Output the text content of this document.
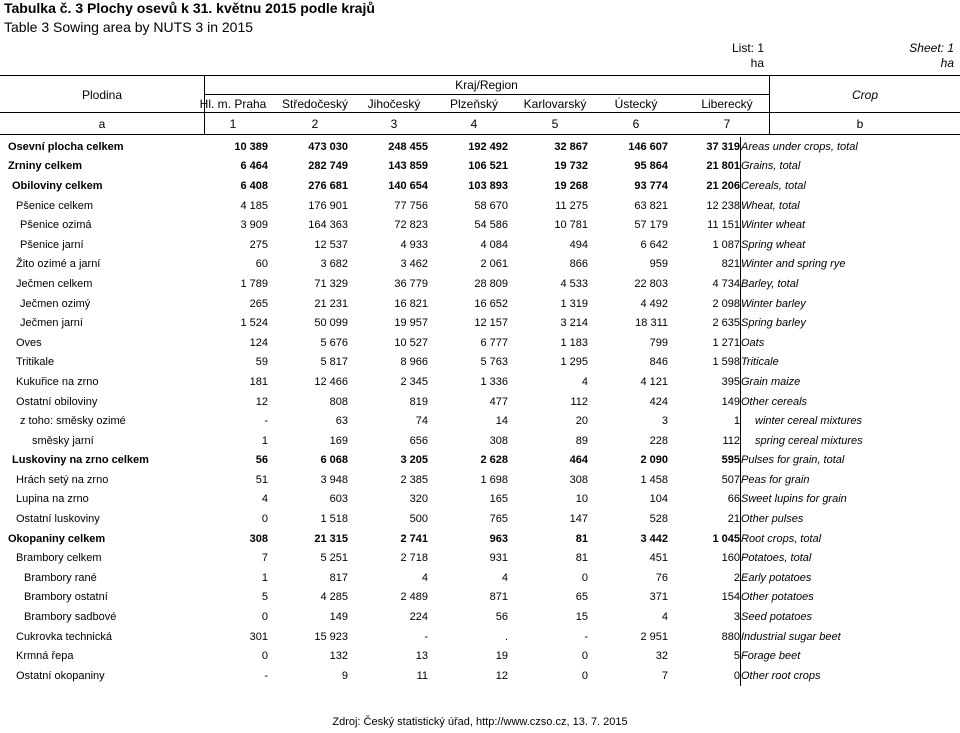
Tabulka č. 3 Plochy osevů k 31. květnu 2015 podle krajů
Table 3 Sowing area by NUTS 3 in 2015
List: 1	Sheet: 1
ha	ha
Plodina
Kraj/Region
Crop
Hl. m. Praha	Středočeský	Jihočeský	Plzeňský	Karlovarský	Ústecký	Liberecký
a	1	2	3	4	5	6	7	b
Osevní plocha celkem	10 389	473 030	248 455	192 492	32 867	146 607	37 319	Areas under crops, total
Zrniny celkem	6 464	282 749	143 859	106 521	19 732	95 864	21 801	Grains, total
Obiloviny celkem	6 408	276 681	140 654	103 893	19 268	93 774	21 206	Cereals, total
Pšenice celkem	4 185	176 901	77 756	58 670	11 275	63 821	12 238	Wheat, total
Pšenice ozimá	3 909	164 363	72 823	54 586	10 781	57 179	11 151	Winter wheat
Pšenice jarní	275	12 537	4 933	4 084	494	6 642	1 087	Spring wheat
Žito ozimé a jarní	60	3 682	3 462	2 061	866	959	821	Winter and spring rye
Ječmen celkem	1 789	71 329	36 779	28 809	4 533	22 803	4 734	Barley, total
Ječmen ozimý	265	21 231	16 821	16 652	1 319	4 492	2 098	Winter barley
Ječmen jarní	1 524	50 099	19 957	12 157	3 214	18 311	2 635	Spring barley
Oves	124	5 676	10 527	6 777	1 183	799	1 271	Oats
Tritikale	59	5 817	8 966	5 763	1 295	846	1 598	Triticale
Kukuřice na zrno	181	12 466	2 345	1 336	4	4 121	395	Grain maize
Ostatní obiloviny	12	808	819	477	112	424	149	Other cereals
z toho: směsky ozimé	-	63	74	14	20	3	1	winter cereal mixtures
směsky jarní	1	169	656	308	89	228	112	spring cereal mixtures
Luskoviny na zrno celkem	56	6 068	3 205	2 628	464	2 090	595	Pulses for grain, total
Hrách setý na zrno	51	3 948	2 385	1 698	308	1 458	507	Peas for grain
Lupina na zrno	4	603	320	165	10	104	66	Sweet lupins for grain
Ostatní luskoviny	0	1 518	500	765	147	528	21	Other pulses
Okopaniny celkem	308	21 315	2 741	963	81	3 442	1 045	Root crops, total
Brambory celkem	7	5 251	2 718	931	81	451	160	Potatoes, total
Brambory rané	1	817	4	4	0	76	2	Early potatoes
Brambory ostatní	5	4 285	2 489	871	65	371	154	Other potatoes
Brambory sadbové	0	149	224	56	15	4	3	Seed potatoes
Cukrovka technická	301	15 923	-	.	-	2 951	880	Industrial sugar beet
Krmná řepa	0	132	13	19	0	32	5	Forage beet
Ostatní okopaniny	-	9	11	12	0	7	0	Other root crops
Zdroj: Český statistický úřad, http://www.czso.cz, 13. 7. 2015
